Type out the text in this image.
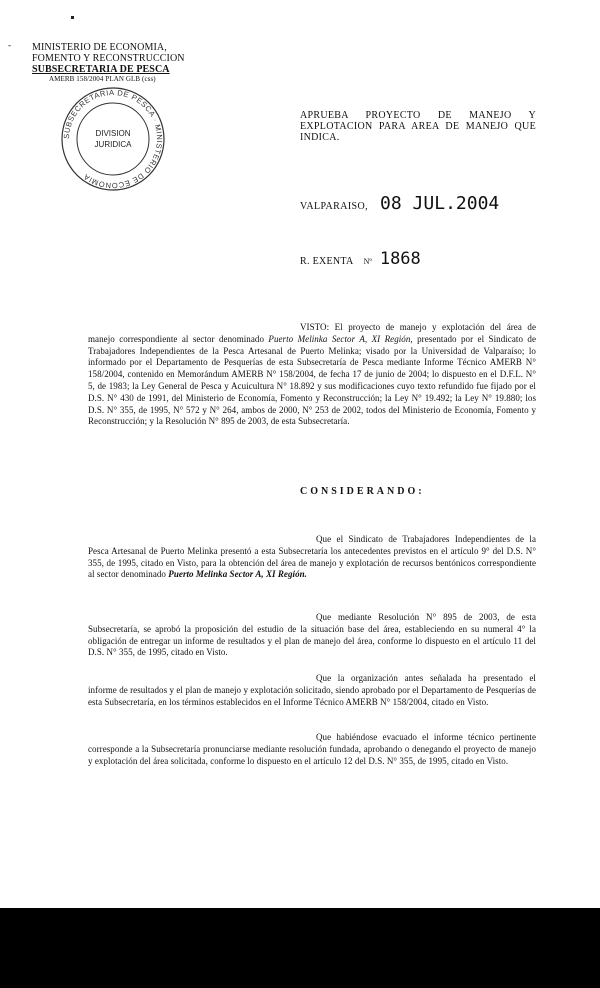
- MINISTERIO DE ECONOMIA,
FOMENTO Y RECONSTRUCCION
SUBSECRETARIA DE PESCA
AMERB 158/2004 PLAN GLB (css)
SUBSECRETARIA DE PESCA · MINISTERIO DE ECONOMIA
DIVISION
JURIDICA
APRUEBA PROYECTO DE MANEJO Y EXPLOTACION PARA AREA DE MANEJO QUE INDICA.
VALPARAISO, 08 JUL.2004
R. EXENTA Nº 1868
VISTO: El proyecto de manejo y explotación del área de manejo correspondiente al sector denominado Puerto Melinka Sector A, XI Región, presentado por el Sindicato de Trabajadores Independientes de la Pesca Artesanal de Puerto Melinka; visado por la Universidad de Valparaíso; lo informado por el Departamento de Pesquerías de esta Subsecretaría de Pesca mediante Informe Técnico AMERB N° 158/2004, contenido en Memorándum AMERB N° 158/2004, de fecha 17 de junio de 2004; lo dispuesto en el D.F.L. N° 5, de 1983; la Ley General de Pesca y Acuicultura N° 18.892 y sus modificaciones cuyo texto refundido fue fijado por el D.S. N° 430 de 1991, del Ministerio de Economía, Fomento y Reconstrucción; la Ley N° 19.492; la Ley N° 19.880; los D.S. N° 355, de 1995, N° 572 y N° 264, ambos de 2000, N° 253 de 2002, todos del Ministerio de Economía, Fomento y Reconstrucción; y la Resolución N° 895 de 2003, de esta Subsecretaría.
CONSIDERANDO:
Que el Sindicato de Trabajadores Independientes de la Pesca Artesanal de Puerto Melinka presentó a esta Subsecretaría los antecedentes previstos en el artículo 9° del D.S. N° 355, de 1995, citado en Visto, para la obtención del área de manejo y explotación de recursos bentónicos correspondiente al sector denominado Puerto Melinka Sector A, XI Región.
Que mediante Resolución N° 895 de 2003, de esta Subsecretaría, se aprobó la proposición del estudio de la situación base del área, estableciendo en su numeral 4° la obligación de entregar un informe de resultados y el plan de manejo del área, conforme lo dispuesto en el artículo 11 del D.S. N° 355, de 1995, citado en Visto.
Que la organización antes señalada ha presentado el informe de resultados y el plan de manejo y explotación solicitado, siendo aprobado por el Departamento de Pesquerías de esta Subsecretaría, en los términos establecidos en el Informe Técnico AMERB N° 158/2004, citado en Visto.
Que habiéndose evacuado el informe técnico pertinente corresponde a la Subsecretaría pronunciarse mediante resolución fundada, aprobando o denegando el proyecto de manejo y explotación del área solicitada, conforme lo dispuesto en el artículo 12 del D.S. N° 355, de 1995, citado en Visto.
